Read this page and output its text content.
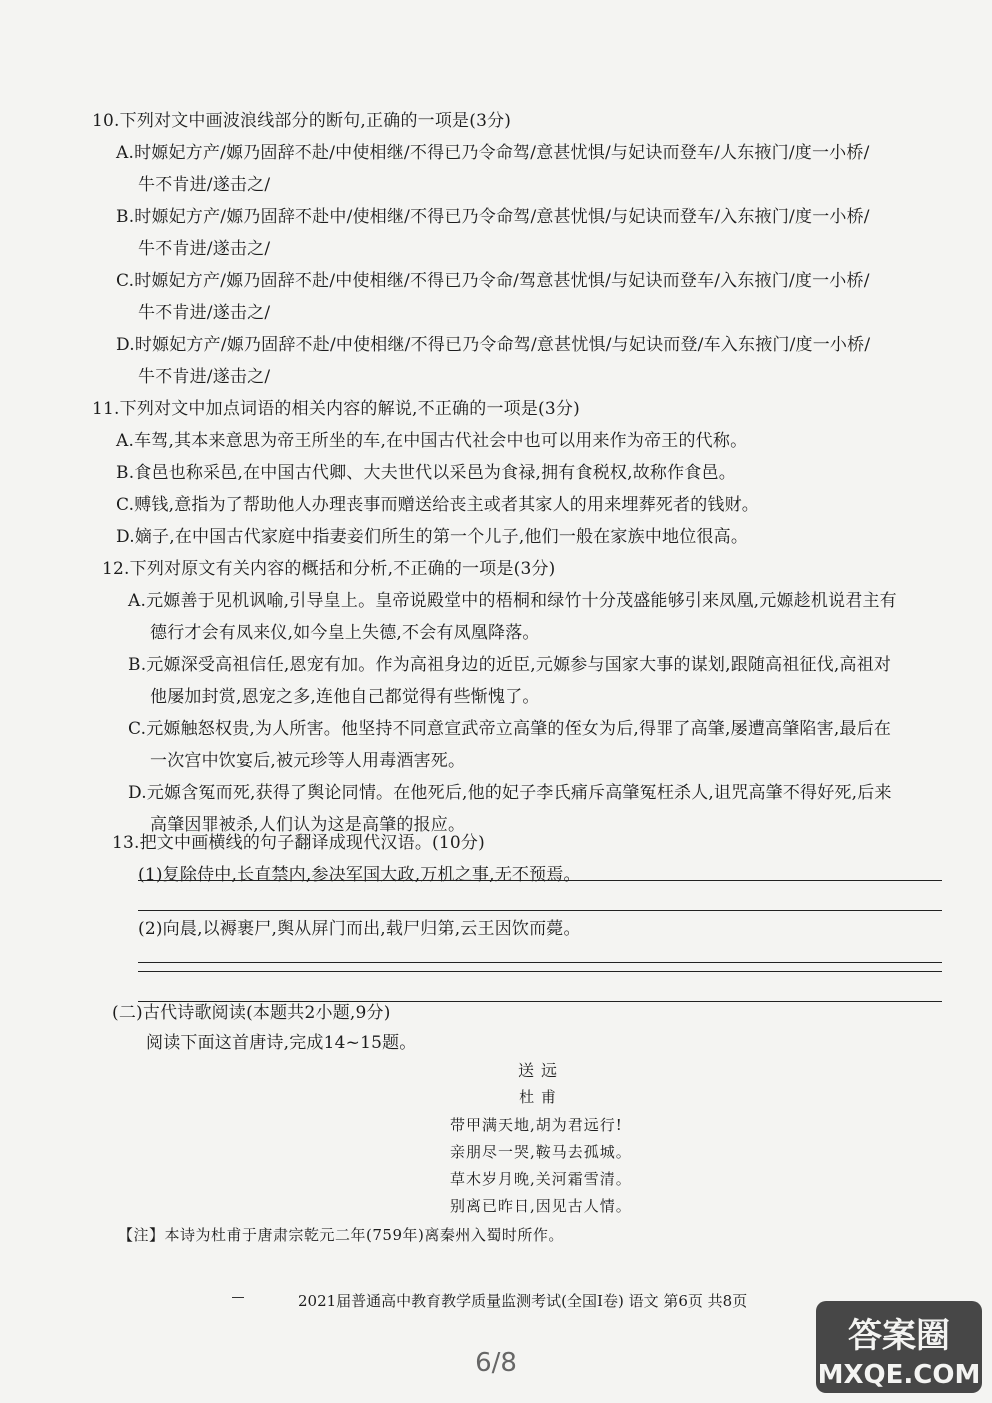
10.下列对文中画波浪线部分的断句,正确的一项是(3分)
A.时嫄妃方产/嫄乃固辞不赴/中使相继/不得已乃令命驾/意甚忧惧/与妃诀而登车/人东掖门/度一小桥/
牛不肯进/遂击之/
B.时嫄妃方产/嫄乃固辞不赴中/使相继/不得已乃令命驾/意甚忧惧/与妃诀而登车/入东掖门/度一小桥/
牛不肯进/遂击之/
C.时嫄妃方产/嫄乃固辞不赴/中使相继/不得已乃令命/驾意甚忧惧/与妃诀而登车/入东掖门/度一小桥/
牛不肯进/遂击之/
D.时嫄妃方产/嫄乃固辞不赴/中使相继/不得已乃令命驾/意甚忧惧/与妃诀而登/车入东掖门/度一小桥/
牛不肯进/遂击之/
11.下列对文中加点词语的相关内容的解说,不正确的一项是(3分)
A.车驾,其本来意思为帝王所坐的车,在中国古代社会中也可以用来作为帝王的代称。
B.食邑也称采邑,在中国古代卿、大夫世代以采邑为食禄,拥有食税权,故称作食邑。
C.赙钱,意指为了帮助他人办理丧事而赠送给丧主或者其家人的用来埋葬死者的钱财。
D.嫡子,在中国古代家庭中指妻妾们所生的第一个儿子,他们一般在家族中地位很高。
12.下列对原文有关内容的概括和分析,不正确的一项是(3分)
A.元嫄善于见机讽喻,引导皇上。皇帝说殿堂中的梧桐和绿竹十分茂盛能够引来凤凰,元嫄趁机说君主有
德行才会有凤来仪,如今皇上失德,不会有凤凰降落。
B.元嫄深受高祖信任,恩宠有加。作为高祖身边的近臣,元嫄参与国家大事的谋划,跟随高祖征伐,高祖对
他屡加封赏,恩宠之多,连他自己都觉得有些惭愧了。
C.元嫄触怒权贵,为人所害。他坚持不同意宣武帝立高肇的侄女为后,得罪了高肇,屡遭高肇陷害,最后在
一次宫中饮宴后,被元珍等人用毒酒害死。
D.元嫄含冤而死,获得了舆论同情。在他死后,他的妃子李氏痛斥高肇冤枉杀人,诅咒高肇不得好死,后来
高肇因罪被杀,人们认为这是高肇的报应。
13.把文中画横线的句子翻译成现代汉语。(10分)
(1)复除侍中,长直禁内,参决军国大政,万机之事,无不预焉。
(2)向晨,以褥裹尸,舆从屏门而出,载尸归第,云王因饮而薨。
(二)古代诗歌阅读(本题共2小题,9分)
阅读下面这首唐诗,完成14~15题。
送 远
杜 甫
带甲满天地,胡为君远行!
亲朋尽一哭,鞍马去孤城。
草木岁月晚,关河霜雪清。
别离已昨日,因见古人情。
【注】本诗为杜甫于唐肃宗乾元二年(759年)离秦州入蜀时所作。
2021届普通高中教育教学质量监测考试(全国Ⅰ卷) 语文 第6页 共8页
6/8
答案圈
MXQE.COM
